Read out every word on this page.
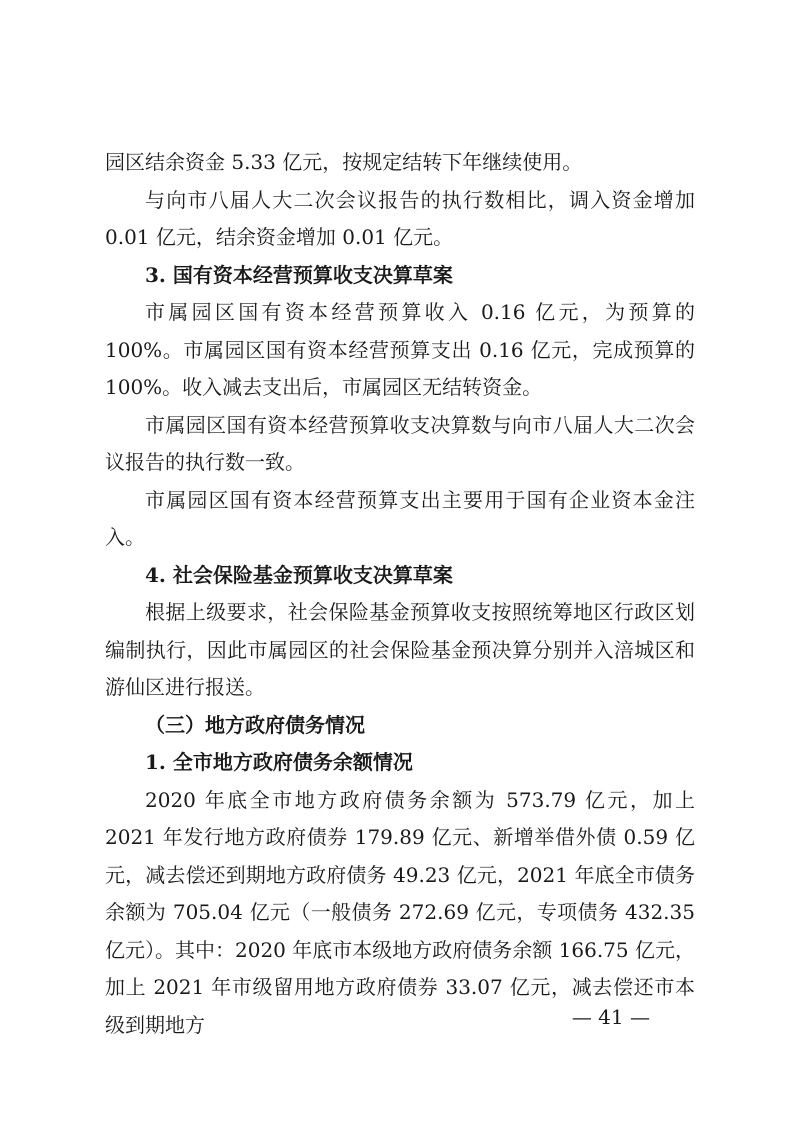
园区结余资金 5.33 亿元，按规定结转下年继续使用。

与向市八届人大二次会议报告的执行数相比，调入资金增加 0.01 亿元，结余资金增加 0.01 亿元。

3. 国有资本经营预算收支决算草案

市属园区国有资本经营预算收入 0.16 亿元，为预算的 100%。市属园区国有资本经营预算支出 0.16 亿元，完成预算的 100%。收入减去支出后，市属园区无结转资金。

市属园区国有资本经营预算收支决算数与向市八届人大二次会议报告的执行数一致。

市属园区国有资本经营预算支出主要用于国有企业资本金注入。

4. 社会保险基金预算收支决算草案

根据上级要求，社会保险基金预算收支按照统筹地区行政区划编制执行，因此市属园区的社会保险基金预决算分别并入涪城区和游仙区进行报送。

（三）地方政府债务情况

1. 全市地方政府债务余额情况

2020 年底全市地方政府债务余额为 573.79 亿元，加上 2021 年发行地方政府债券 179.89 亿元、新增举借外债 0.59 亿元，减去偿还到期地方政府债务 49.23 亿元，2021 年底全市债务余额为 705.04 亿元（一般债务 272.69 亿元，专项债务 432.35 亿元）。其中：2020 年底市本级地方政府债务余额 166.75 亿元，加上 2021 年市级留用地方政府债券 33.07 亿元，减去偿还市本级到期地方	— 41 —
